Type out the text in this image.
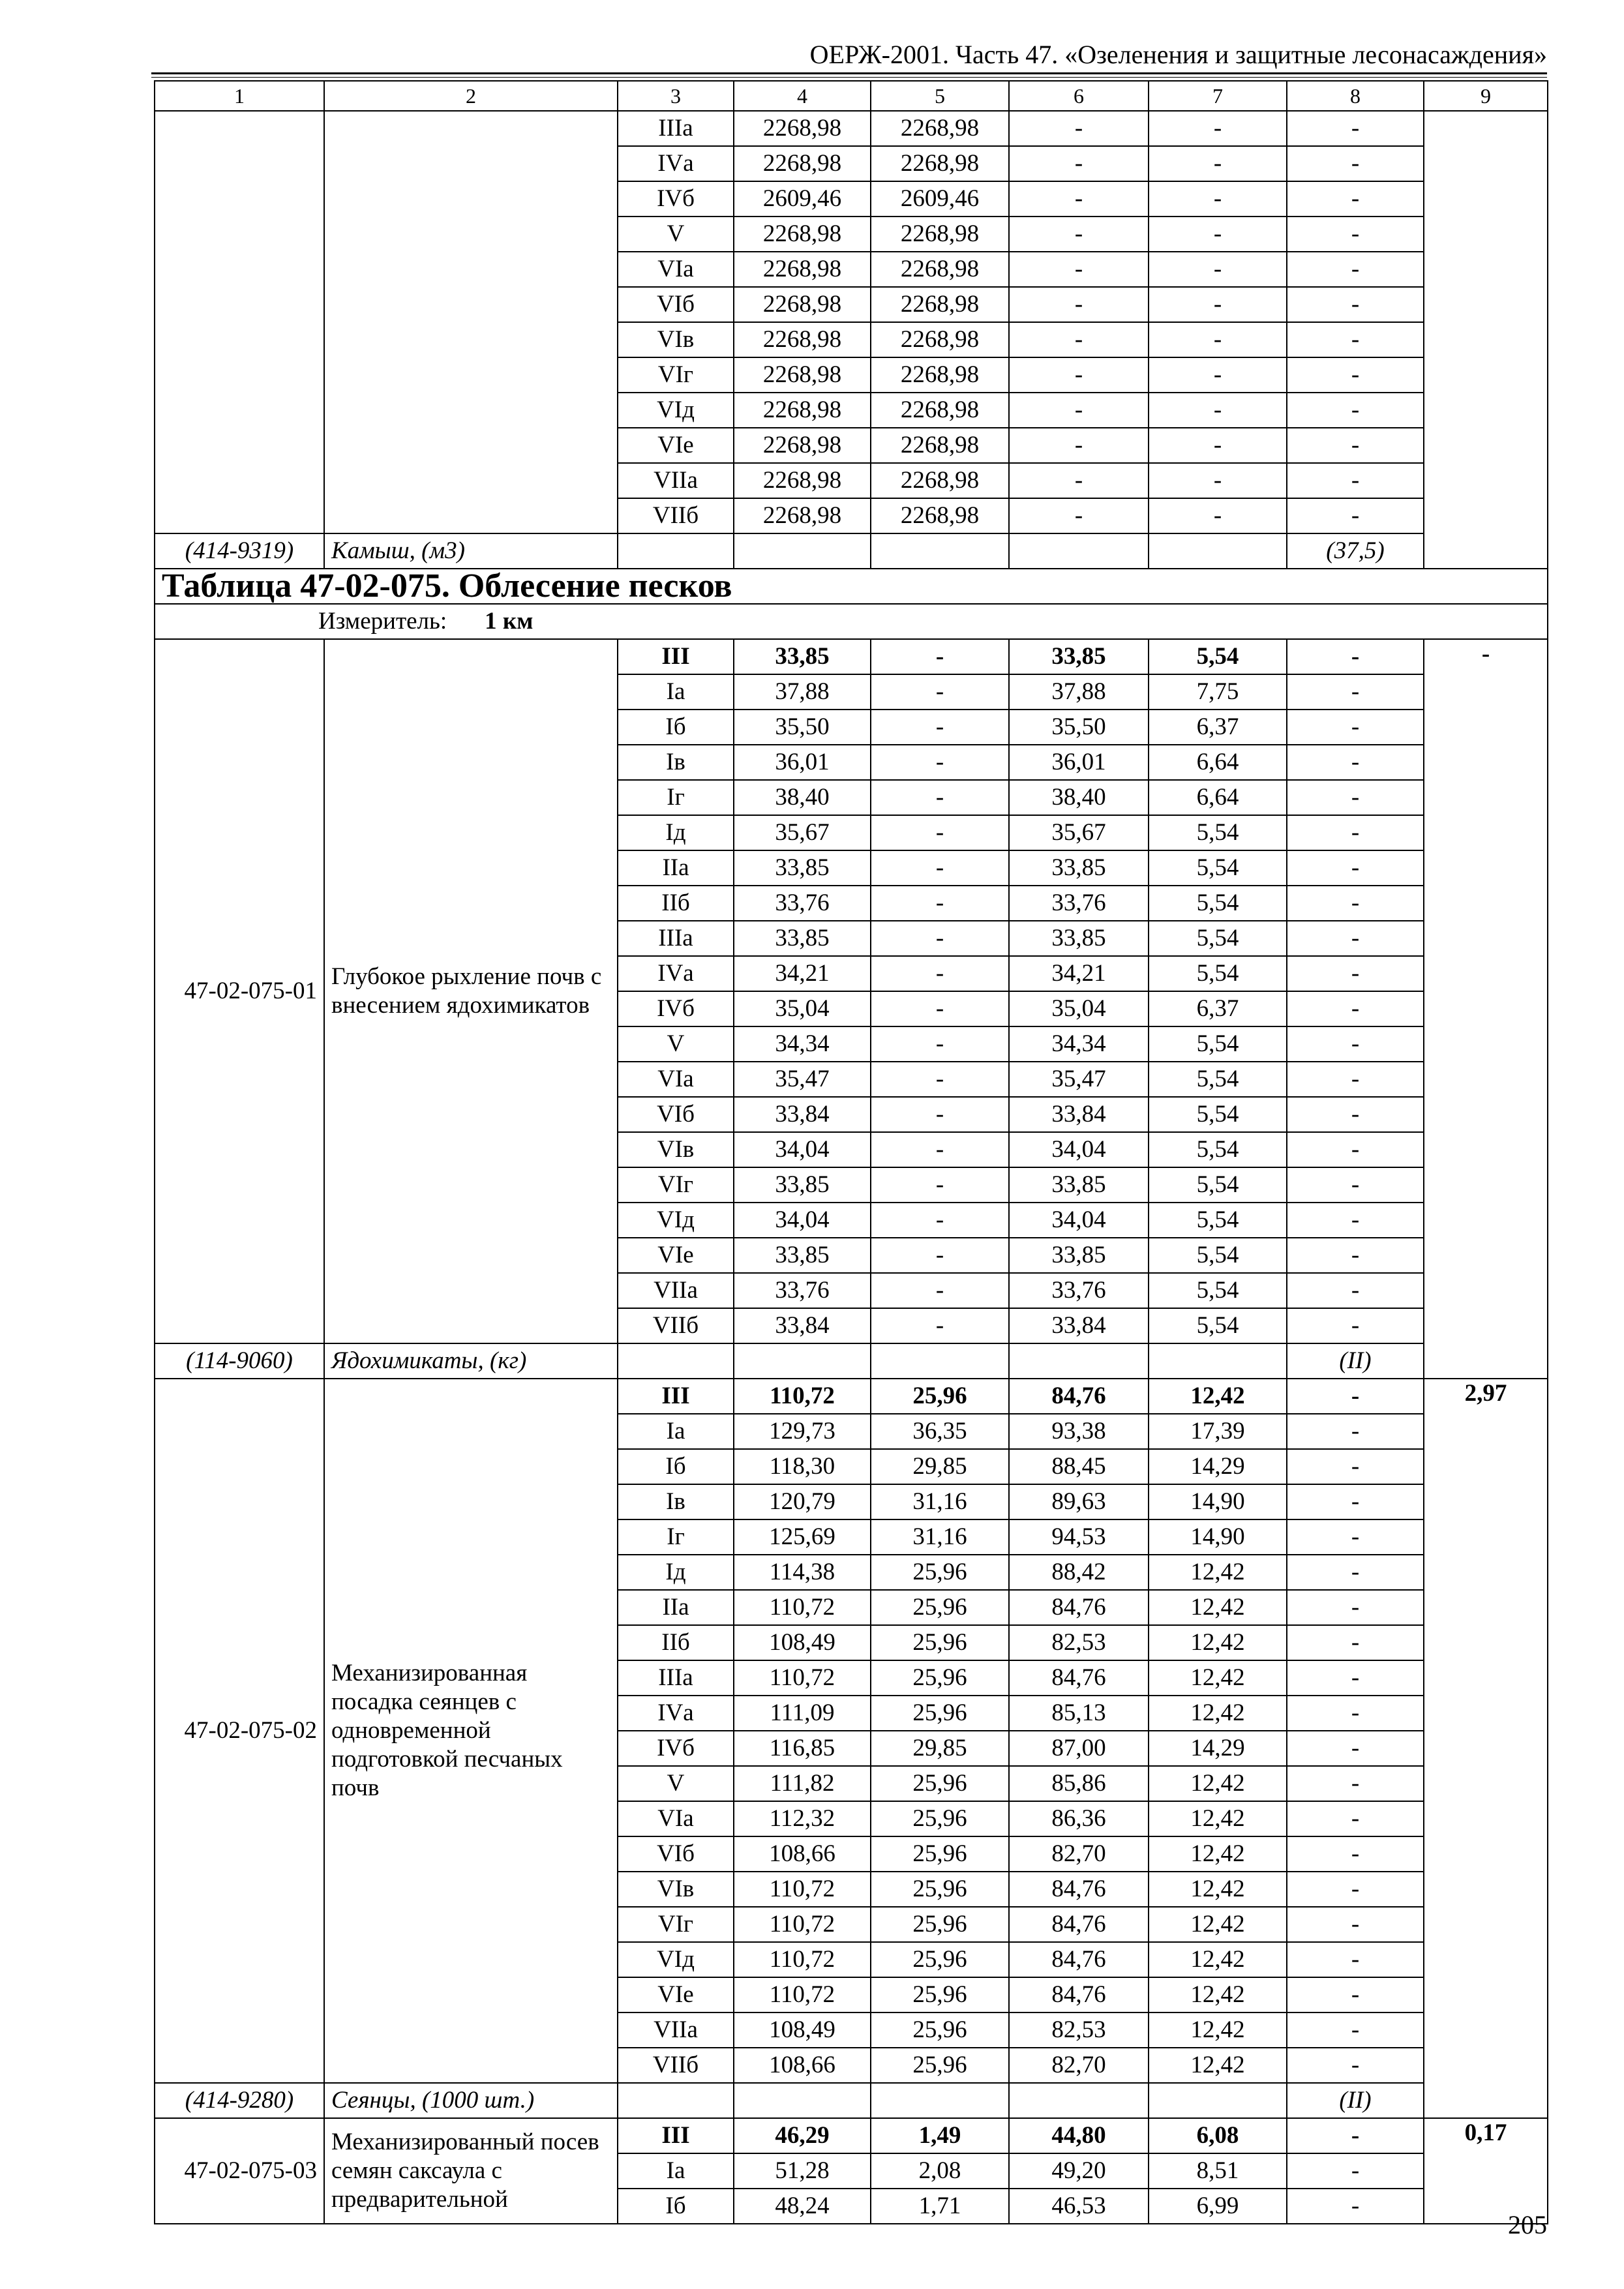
ОЕРЖ-2001. Часть 47. «Озеленения и защитные лесонасаждения»
1	2	3	4	5	6	7	8	9
		IIIа	2268,98	2268,98	-	-	-	
		IVа	2268,98	2268,98	-	-	-	
		IVб	2609,46	2609,46	-	-	-	
		V	2268,98	2268,98	-	-	-	
		VIа	2268,98	2268,98	-	-	-	
		VIб	2268,98	2268,98	-	-	-	
		VIв	2268,98	2268,98	-	-	-	
		VIг	2268,98	2268,98	-	-	-	
		VIд	2268,98	2268,98	-	-	-	
		VIе	2268,98	2268,98	-	-	-	
		VIIа	2268,98	2268,98	-	-	-	
		VIIб	2268,98	2268,98	-	-	-	
(414-9319)	Камыш, (м3)						(37,5)	
Таблица 47-02-075. Облесение песков								
Измеритель: 1 км								
47-02-075-01	Глубокое рыхление почв с внесением ядохимикатов	III	33,85	-	33,85	5,54	-	-
		Iа	37,88	-	37,88	7,75	-	
		Iб	35,50	-	35,50	6,37	-	
		Iв	36,01	-	36,01	6,64	-	
		Iг	38,40	-	38,40	6,64	-	
		Iд	35,67	-	35,67	5,54	-	
		IIа	33,85	-	33,85	5,54	-	
		IIб	33,76	-	33,76	5,54	-	
		IIIа	33,85	-	33,85	5,54	-	
		IVа	34,21	-	34,21	5,54	-	
		IVб	35,04	-	35,04	6,37	-	
		V	34,34	-	34,34	5,54	-	
		VIа	35,47	-	35,47	5,54	-	
		VIб	33,84	-	33,84	5,54	-	
		VIв	34,04	-	34,04	5,54	-	
		VIг	33,85	-	33,85	5,54	-	
		VIд	34,04	-	34,04	5,54	-	
		VIе	33,85	-	33,85	5,54	-	
		VIIа	33,76	-	33,76	5,54	-	
		VIIб	33,84	-	33,84	5,54	-	
(114-9060)	Ядохимикаты, (кг)						(II)	
47-02-075-02	Механизированная посадка сеянцев с одновременной подготовкой песчаных почв	III	110,72	25,96	84,76	12,42	-	2,97
		Iа	129,73	36,35	93,38	17,39	-	
		Iб	118,30	29,85	88,45	14,29	-	
		Iв	120,79	31,16	89,63	14,90	-	
		Iг	125,69	31,16	94,53	14,90	-	
		Iд	114,38	25,96	88,42	12,42	-	
		IIа	110,72	25,96	84,76	12,42	-	
		IIб	108,49	25,96	82,53	12,42	-	
		IIIа	110,72	25,96	84,76	12,42	-	
		IVа	111,09	25,96	85,13	12,42	-	
		IVб	116,85	29,85	87,00	14,29	-	
		V	111,82	25,96	85,86	12,42	-	
		VIа	112,32	25,96	86,36	12,42	-	
		VIб	108,66	25,96	82,70	12,42	-	
		VIв	110,72	25,96	84,76	12,42	-	
		VIг	110,72	25,96	84,76	12,42	-	
		VIд	110,72	25,96	84,76	12,42	-	
		VIе	110,72	25,96	84,76	12,42	-	
		VIIа	108,49	25,96	82,53	12,42	-	
		VIIб	108,66	25,96	82,70	12,42	-	
(414-9280)	Сеянцы, (1000 шт.)						(II)	
47-02-075-03	Механизированный посев семян саксаула с предварительной	III	46,29	1,49	44,80	6,08	-	0,17
		Iа	51,28	2,08	49,20	8,51	-	
		Iб	48,24	1,71	46,53	6,99	-	
205
